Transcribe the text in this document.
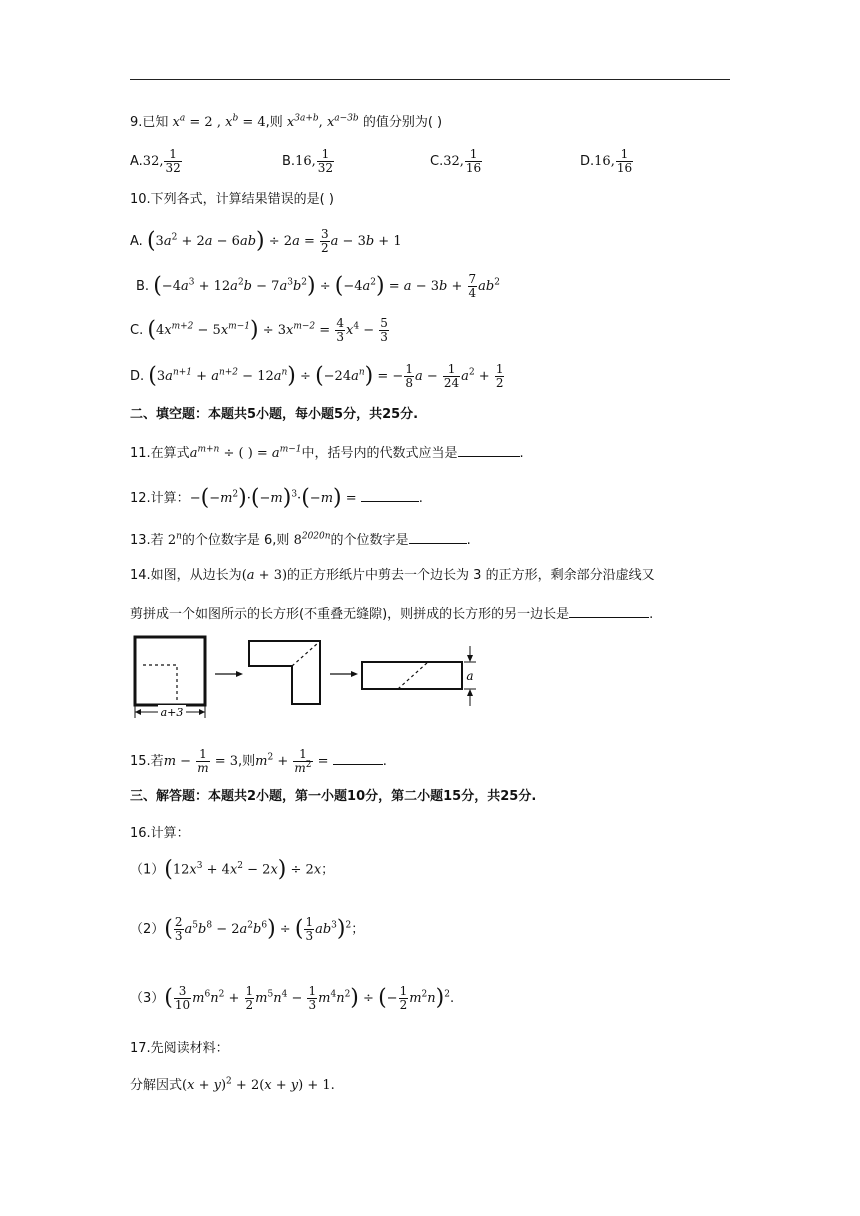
9.已知 $x^a = 2$ , $x^b = 4$,则 $x^{3a+b}$, $x^{a-3b}$ 的值分别为( )
A.32, $\frac{1}{32}$	B.16, $\frac{1}{32}$	C.32, $\frac{1}{16}$	D.16, $\frac{1}{16}$
10.下列各式，计算结果错误的是( )
A. $(3a^2 + 2a - 6ab) \div 2a = \frac{3}{2}$ a − 3b + 1
B. $(-4a^3 + 12a^2b - 7a^3b^2) \div (-4a^2) = a - 3b + \frac{7}{4} ab^2$
C. $(4x^{m+2} - 5x^{m-1}) \div 3x^{m-2} = \frac{4}{3} x^4 - \frac{5}{3}$
D. $(3a^{n+1} + a^{n+2} - 12a^n) \div (-24a^n)$ = − $\frac{1}{8}$ $a - \frac{1}{24} a^2 + \frac{1}{2}$
二、填空题：本题共5小题，每小题5分，共25分.
11.在算式$a^{m+n}$ ÷ ( ) = $a^{m-1}$中，括号内的代数式应当是	.
12.计算：$-(-m^2)\cdot(-m)^3\cdot(-m)$ =	.
13.若 2$^n$的个位数字是 6,则 $8^{2020n}$的个位数字是	.
14.如图，从边长为(a + 3)的正方形纸片中剪去一个边长为 3 的正方形，剩余部分沿虚线又
剪拼成一个如图所示的长方形(不重叠无缝隙)，则拼成的长方形的另一边长是	.
a+3
a
15.若$m - \frac{1}{m} = 3$,则$m^2 + \frac{1}{m^2}$ =	.
三、解答题：本题共2小题，第一小题10分，第二小题15分，共25分.
16.计算：
$(1)(12x^3 + 4x^2 - 2x) \div 2x$；
$(2)( \frac{2}{3} a^5b^8 - 2a^2b^6)$ ÷ ( $\frac{1}{3} ab^3)^2$；
$(3)( \frac{3}{10} m^6n^2 + \frac{1}{2} m^5n^4 - \frac{1}{3} m^4n^2)$ ÷ (− $\frac{1}{2} m^2n)^2$.
17.先阅读材料：
分解因式$(x + y)^2 + 2(x + y) + 1$.
